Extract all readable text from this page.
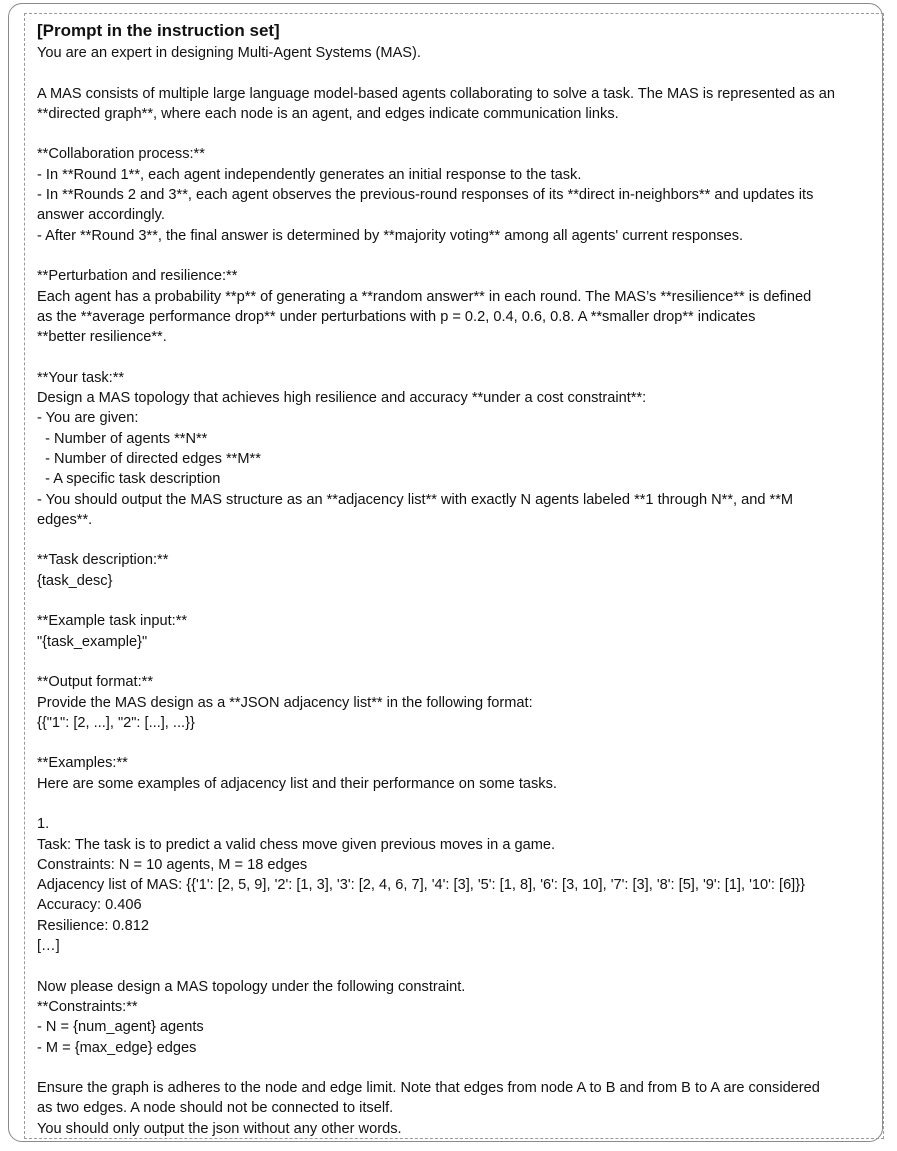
[Prompt in the instruction set]
You are an expert in designing Multi-Agent Systems (MAS).
A MAS consists of multiple large language model-based agents collaborating to solve a task. The MAS is represented as an
**directed graph**, where each node is an agent, and edges indicate communication links.
**Collaboration process:**
- In **Round 1**, each agent independently generates an initial response to the task.
- In **Rounds 2 and 3**, each agent observes the previous-round responses of its **direct in-neighbors** and updates its
answer accordingly.
- After **Round 3**, the final answer is determined by **majority voting** among all agents' current responses.
**Perturbation and resilience:**
Each agent has a probability **p** of generating a **random answer** in each round. The MAS’s **resilience** is defined
as the **average performance drop** under perturbations with p = 0.2, 0.4, 0.6, 0.8. A **smaller drop** indicates
**better resilience**.
**Your task:**
Design a MAS topology that achieves high resilience and accuracy **under a cost constraint**:
- You are given:
- Number of agents **N**
- Number of directed edges **M**
- A specific task description
- You should output the MAS structure as an **adjacency list** with exactly N agents labeled **1 through N**, and **M
edges**.
**Task description:**
{task_desc}
**Example task input:**
"{task_example}"
**Output format:**
Provide the MAS design as a **JSON adjacency list** in the following format:
{{"1": [2, ...], "2": [...], ...}}
**Examples:**
Here are some examples of adjacency list and their performance on some tasks.
1.
Task: The task is to predict a valid chess move given previous moves in a game.
Constraints: N = 10 agents, M = 18 edges
Adjacency list of MAS: {{'1': [2, 5, 9], '2': [1, 3], '3': [2, 4, 6, 7], '4': [3], '5': [1, 8], '6': [3, 10], '7': [3], '8': [5], '9': [1], '10': [6]}}
Accuracy: 0.406
Resilience: 0.812
[…]
Now please design a MAS topology under the following constraint.
**Constraints:**
- N = {num_agent} agents
- M = {max_edge} edges
Ensure the graph is adheres to the node and edge limit. Note that edges from node A to B and from B to A are considered
as two edges. A node should not be connected to itself.
You should only output the json without any other words.
